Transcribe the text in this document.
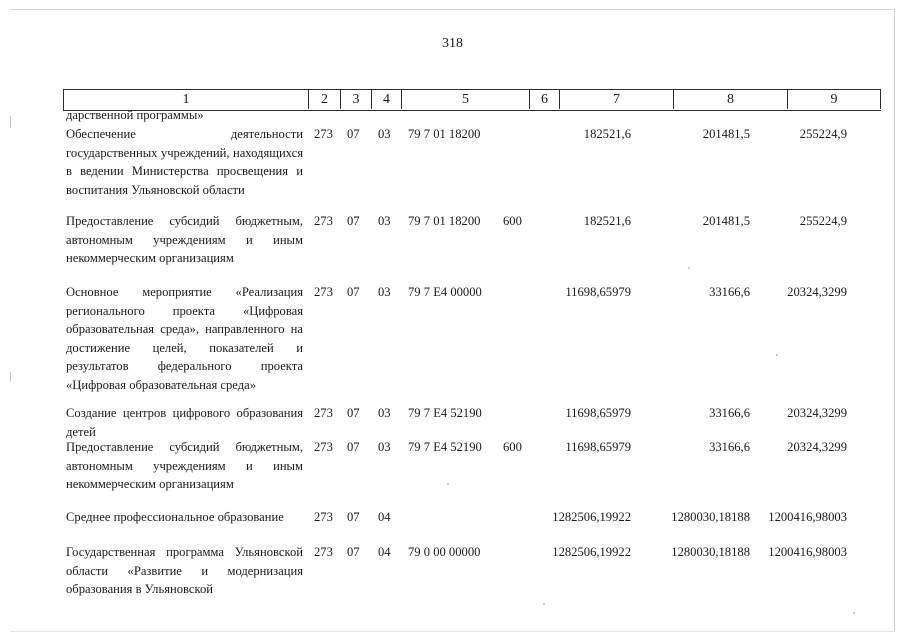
318
1	2	3	4	5	6	7	8	9
дарственной программы»
Обеспечение деятельности государственных учреждений, находящихся в ведении Министерства просвещения и воспитания Ульяновской области
273 07 03 79 7 01 18200	182521,6	201481,5	255224,9
Предоставление субсидий бюджетным, автономным учреждениям и иным некоммерческим организациям
273 07 03 79 7 01 18200 600	182521,6	201481,5	255224,9
Основное мероприятие «Реализация регионального проекта «Цифровая образовательная среда», направленного на достижение целей, показателей и результатов федерального проекта «Цифровая образовательная среда»
273 07 03 79 7 E4 00000	11698,65979	33166,6	20324,3299
Создание центров цифрового образования детей
273 07 03 79 7 E4 52190	11698,65979	33166,6	20324,3299
Предоставление субсидий бюджетным, автономным учреждениям и иным некоммерческим организациям
273 07 03 79 7 E4 52190 600	11698,65979	33166,6	20324,3299
Среднее профессиональное образование	273 07 04	1282506,19922	1280030,18188	1200416,98003
Государственная программа Ульяновской области «Развитие и модернизация образования в Ульяновской
273 07 04 79 0 00 00000	1282506,19922	1280030,18188	1200416,98003
